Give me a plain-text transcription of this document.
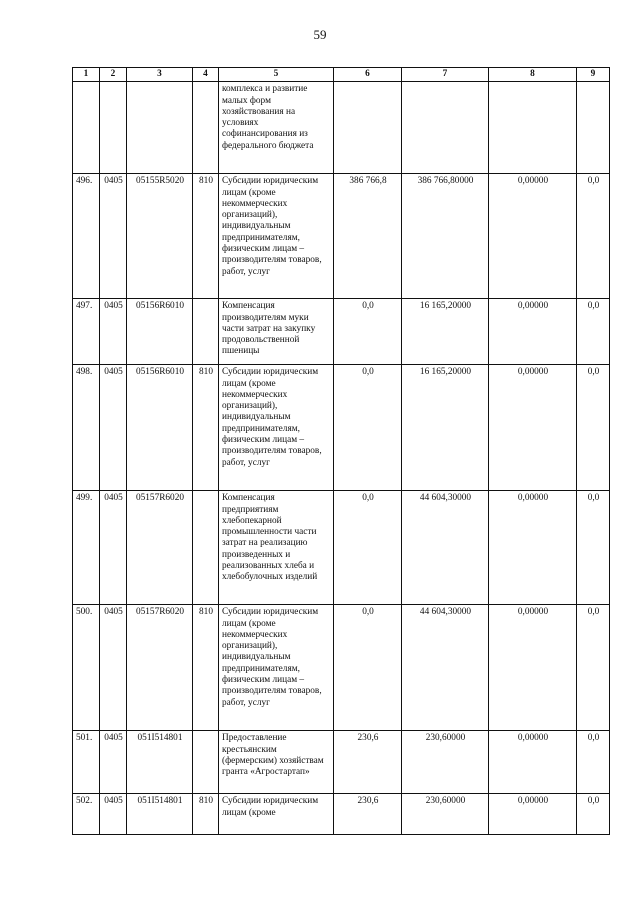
59
1	2	3	4	5	6	7	8	9
				комплекса и развитие малых форм хозяйствования на условиях софинансирования из федерального бюджета				
496.	0405	05155R5020	810	Субсидии юридическим лицам (кроме некоммерческих организаций), индивидуальным предпринимателям, физическим лицам – производителям товаров, работ, услуг	386 766,8	386 766,80000	0,00000	0,0
497.	0405	05156R6010		Компенсация производителям муки части затрат на закупку продовольственной пшеницы	0,0	16 165,20000	0,00000	0,0
498.	0405	05156R6010	810	Субсидии юридическим лицам (кроме некоммерческих организаций), индивидуальным предпринимателям, физическим лицам – производителям товаров, работ, услуг	0,0	16 165,20000	0,00000	0,0
499.	0405	05157R6020		Компенсация предприятиям хлебопекарной промышленности части затрат на реализацию произведенных и реализованных хлеба и хлебобулочных изделий	0,0	44 604,30000	0,00000	0,0
500.	0405	05157R6020	810	Субсидии юридическим лицам (кроме некоммерческих организаций), индивидуальным предпринимателям, физическим лицам – производителям товаров, работ, услуг	0,0	44 604,30000	0,00000	0,0
501.	0405	051I514801		Предоставление крестьянским (фермерским) хозяйствам гранта «Агростартап»	230,6	230,60000	0,00000	0,0
502.	0405	051I514801	810	Субсидии юридическим лицам (кроме	230,6	230,60000	0,00000	0,0
